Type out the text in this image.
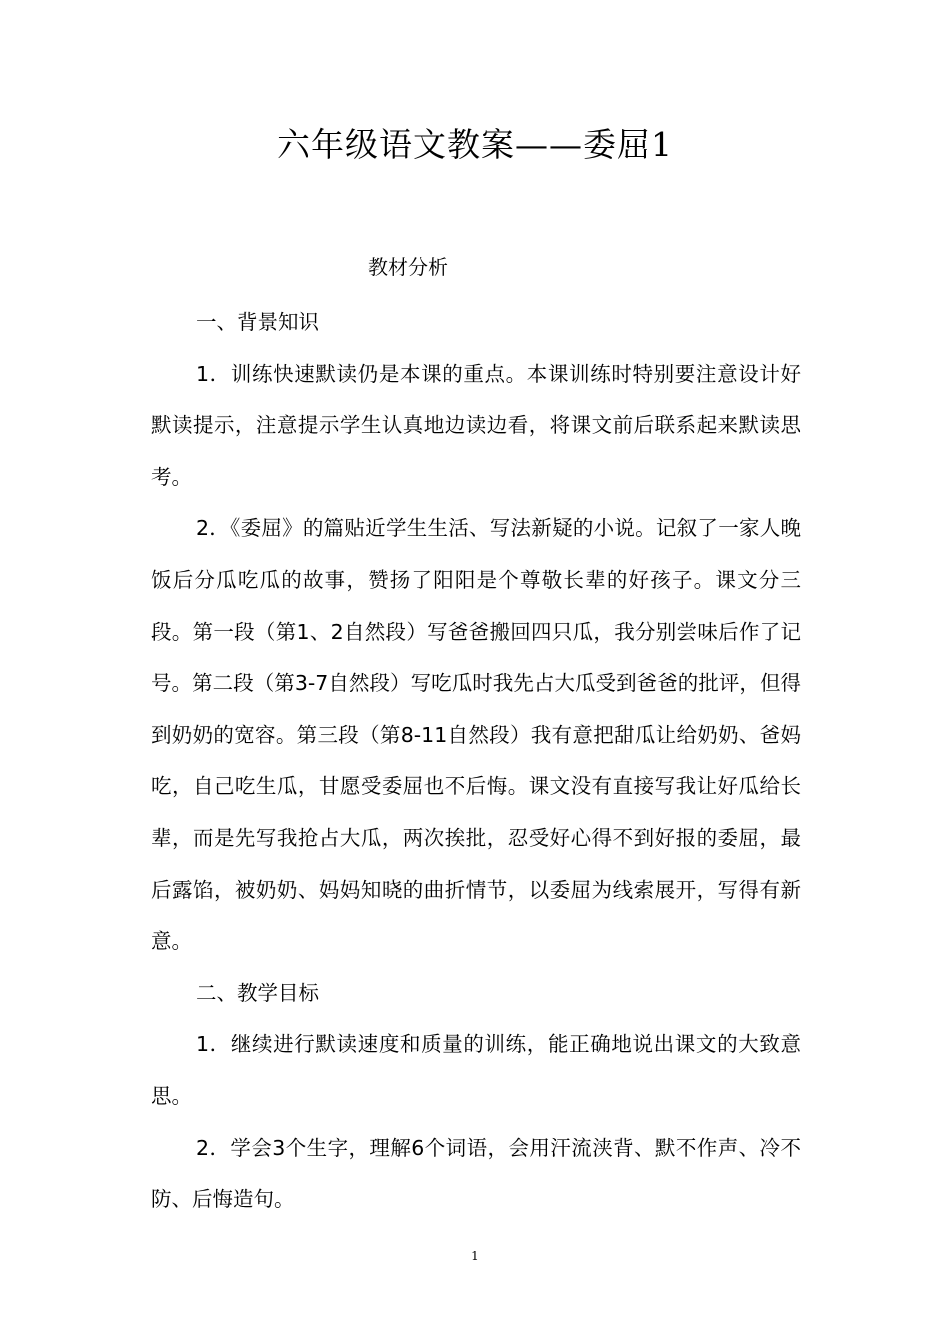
六年级语文教案——委屈1
教材分析

一、背景知识

1．训练快速默读仍是本课的重点。本课训练时特别要注意设计好默读提示，注意提示学生认真地边读边看，将课文前后联系起来默读思考。

2．《委屈》的篇贴近学生生活、写法新疑的小说。记叙了一家人晚饭后分瓜吃瓜的故事，赞扬了阳阳是个尊敬长辈的好孩子。课文分三段。第一段（第1、2自然段）写爸爸搬回四只瓜，我分别尝味后作了记号。第二段（第3-7自然段）写吃瓜时我先占大瓜受到爸爸的批评，但得到奶奶的宽容。第三段（第8-11自然段）我有意把甜瓜让给奶奶、爸妈吃，自己吃生瓜，甘愿受委屈也不后悔。课文没有直接写我让好瓜给长辈，而是先写我抢占大瓜，两次挨批，忍受好心得不到好报的委屈，最后露馅，被奶奶、妈妈知晓的曲折情节，以委屈为线索展开，写得有新意。

二、教学目标

1．继续进行默读速度和质量的训练，能正确地说出课文的大致意思。

2．学会3个生字，理解6个词语，会用汗流浃背、默不作声、冷不防、后悔造句。

1
